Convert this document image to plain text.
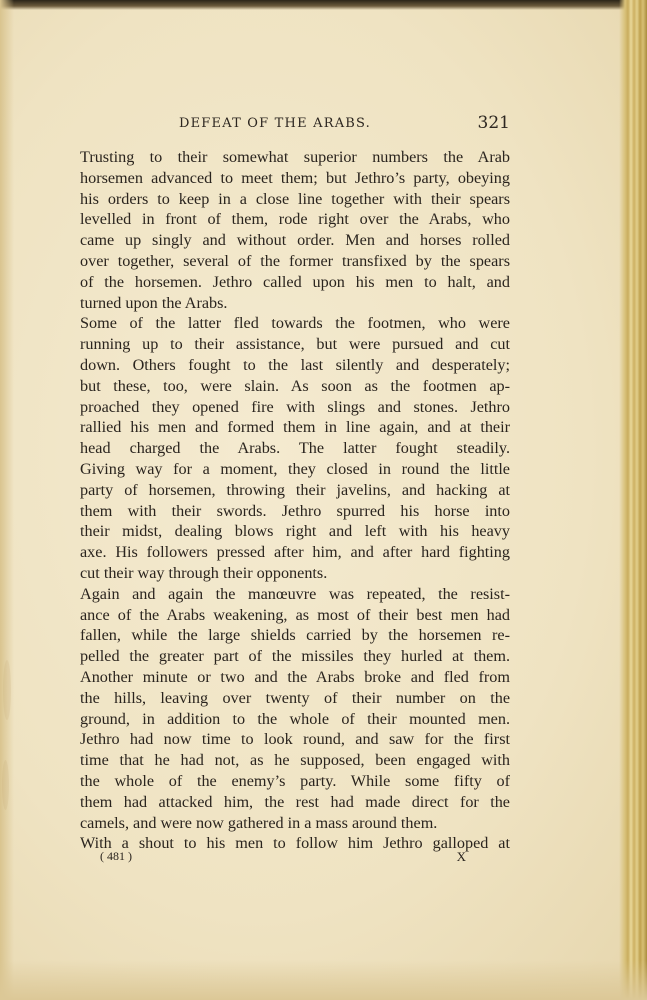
DEFEAT OF THE ARABS.	321
Trusting to their somewhat superior numbers the Arab
horsemen advanced to meet them; but Jethro’s party, obeying
his orders to keep in a close line together with their spears
levelled in front of them, rode right over the Arabs, who
came up singly and without order. Men and horses rolled
over together, several of the former transfixed by the spears
of the horsemen. Jethro called upon his men to halt, and
turned upon the Arabs.
Some of the latter fled towards the footmen, who were
running up to their assistance, but were pursued and cut
down. Others fought to the last silently and desperately;
but these, too, were slain. As soon as the footmen ap-
proached they opened fire with slings and stones. Jethro
rallied his men and formed them in line again, and at their
head charged the Arabs. The latter fought steadily.
Giving way for a moment, they closed in round the little
party of horsemen, throwing their javelins, and hacking at
them with their swords. Jethro spurred his horse into
their midst, dealing blows right and left with his heavy
axe. His followers pressed after him, and after hard fighting
cut their way through their opponents.
Again and again the manœuvre was repeated, the resist-
ance of the Arabs weakening, as most of their best men had
fallen, while the large shields carried by the horsemen re-
pelled the greater part of the missiles they hurled at them.
Another minute or two and the Arabs broke and fled from
the hills, leaving over twenty of their number on the
ground, in addition to the whole of their mounted men.
Jethro had now time to look round, and saw for the first
time that he had not, as he supposed, been engaged with
the whole of the enemy’s party. While some fifty of
them had attacked him, the rest had made direct for the
camels, and were now gathered in a mass around them.
With a shout to his men to follow him Jethro galloped at
( 481 )	X
